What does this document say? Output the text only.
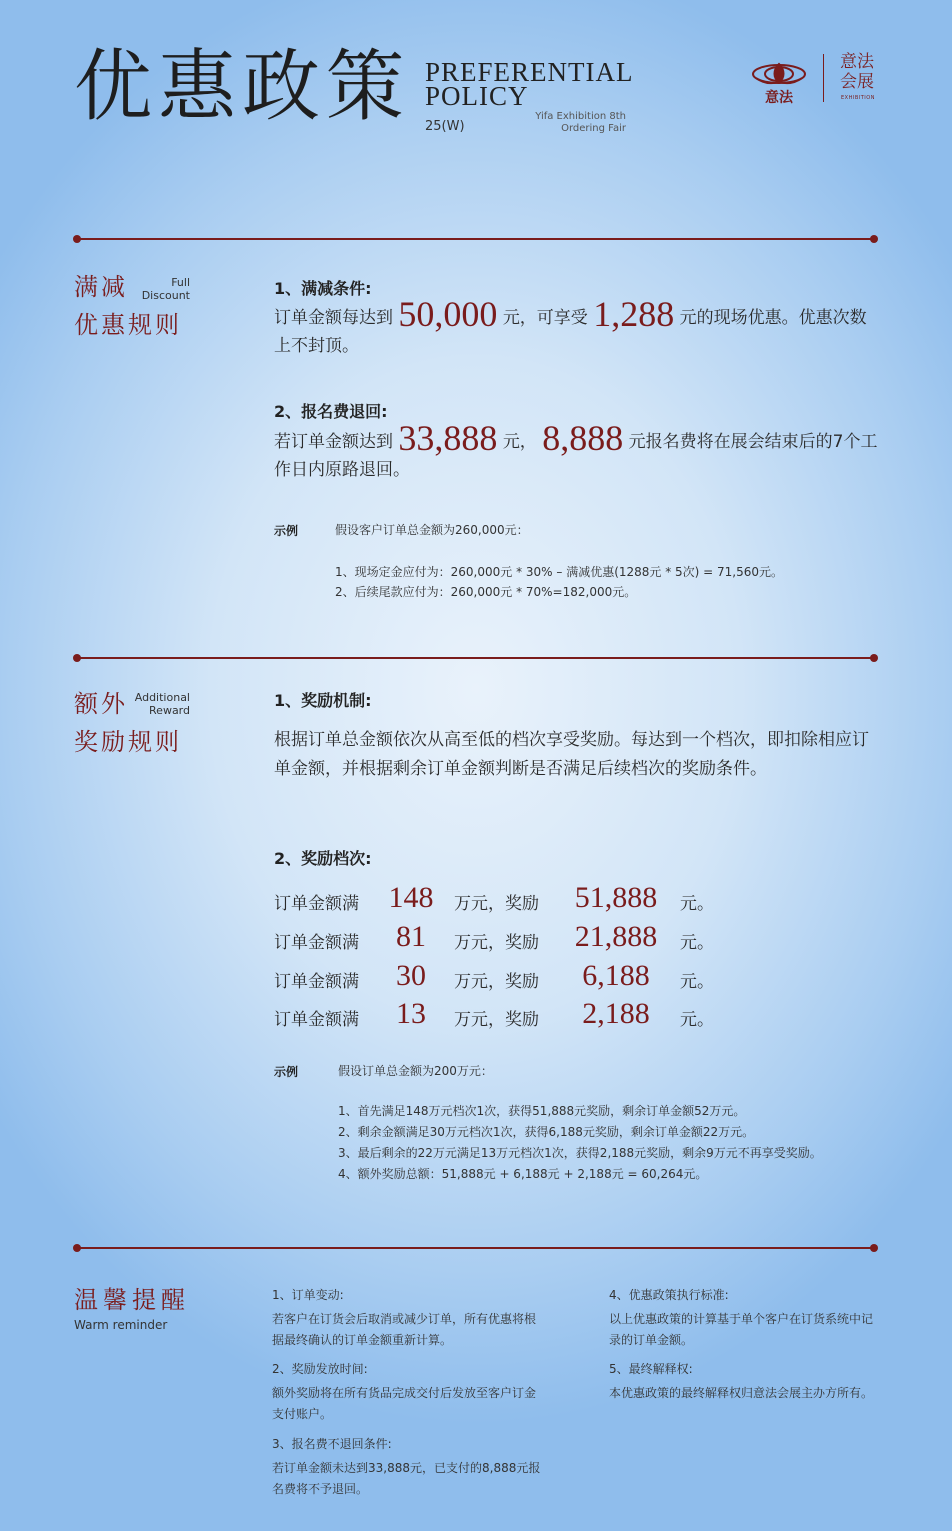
优惠政策 PREFERENTIAL
POLICY
25(W)
Yifa Exhibition 8th
Ordering Fair
意法
意法
会展
EXHIBITION
满减
优惠规则
Full
Discount	1、满减条件:
订单金额每达到 50,000 元，可享受 1,288 元的现场优惠。优惠次数上不封顶。
2、报名费退回:
若订单金额达到 33,888 元， 8,888 元报名费将在展会结束后的7个工作日内原路退回。
示例	假设客户订单总金额为260,000元：
1、现场定金应付为：260,000元 * 30% – 满减优惠(1288元 * 5次) = 71,560元。
2、后续尾款应付为：260,000元 * 70%=182,000元。
额外
奖励规则
Additional
Reward
1、奖励机制:
根据订单总金额依次从高至低的档次享受奖励。每达到一个档次，即扣除相应订单金额，并根据剩余订单金额判断是否满足后续档次的奖励条件。
2、奖励档次:
订单金额满 148 万元，奖励 51,888	元。
订单金额满	81	万元，奖励 21,888	元。
订单金额满	30	万元，奖励	6,188	元。
订单金额满	13	万元，奖励	2,188	元。
示例	假设订单总金额为200万元：
1、首先满足148万元档次1次，获得51,888元奖励，剩余订单金额52万元。
2、剩余金额满足30万元档次1次，获得6,188元奖励，剩余订单金额22万元。
3、最后剩余的22万元满足13万元档次1次，获得2,188元奖励，剩余9万元不再享受奖励。
4、额外奖励总额：51,888元 + 6,188元 + 2,188元 = 60,264元。
温馨提醒
Warm reminder
1、订单变动:
若客户在订货会后取消或减少订单，所有优惠将根据最终确认的订单金额重新计算。
2、奖励发放时间:
额外奖励将在所有货品完成交付后发放至客户订金支付账户。
3、报名费不退回条件:
若订单金额未达到33,888元，已支付的8,888元报名费将不予退回。
4、优惠政策执行标准:
以上优惠政策的计算基于单个客户在订货系统中记录的订单金额。
5、最终解释权:
本优惠政策的最终解释权归意法会展主办方所有。
